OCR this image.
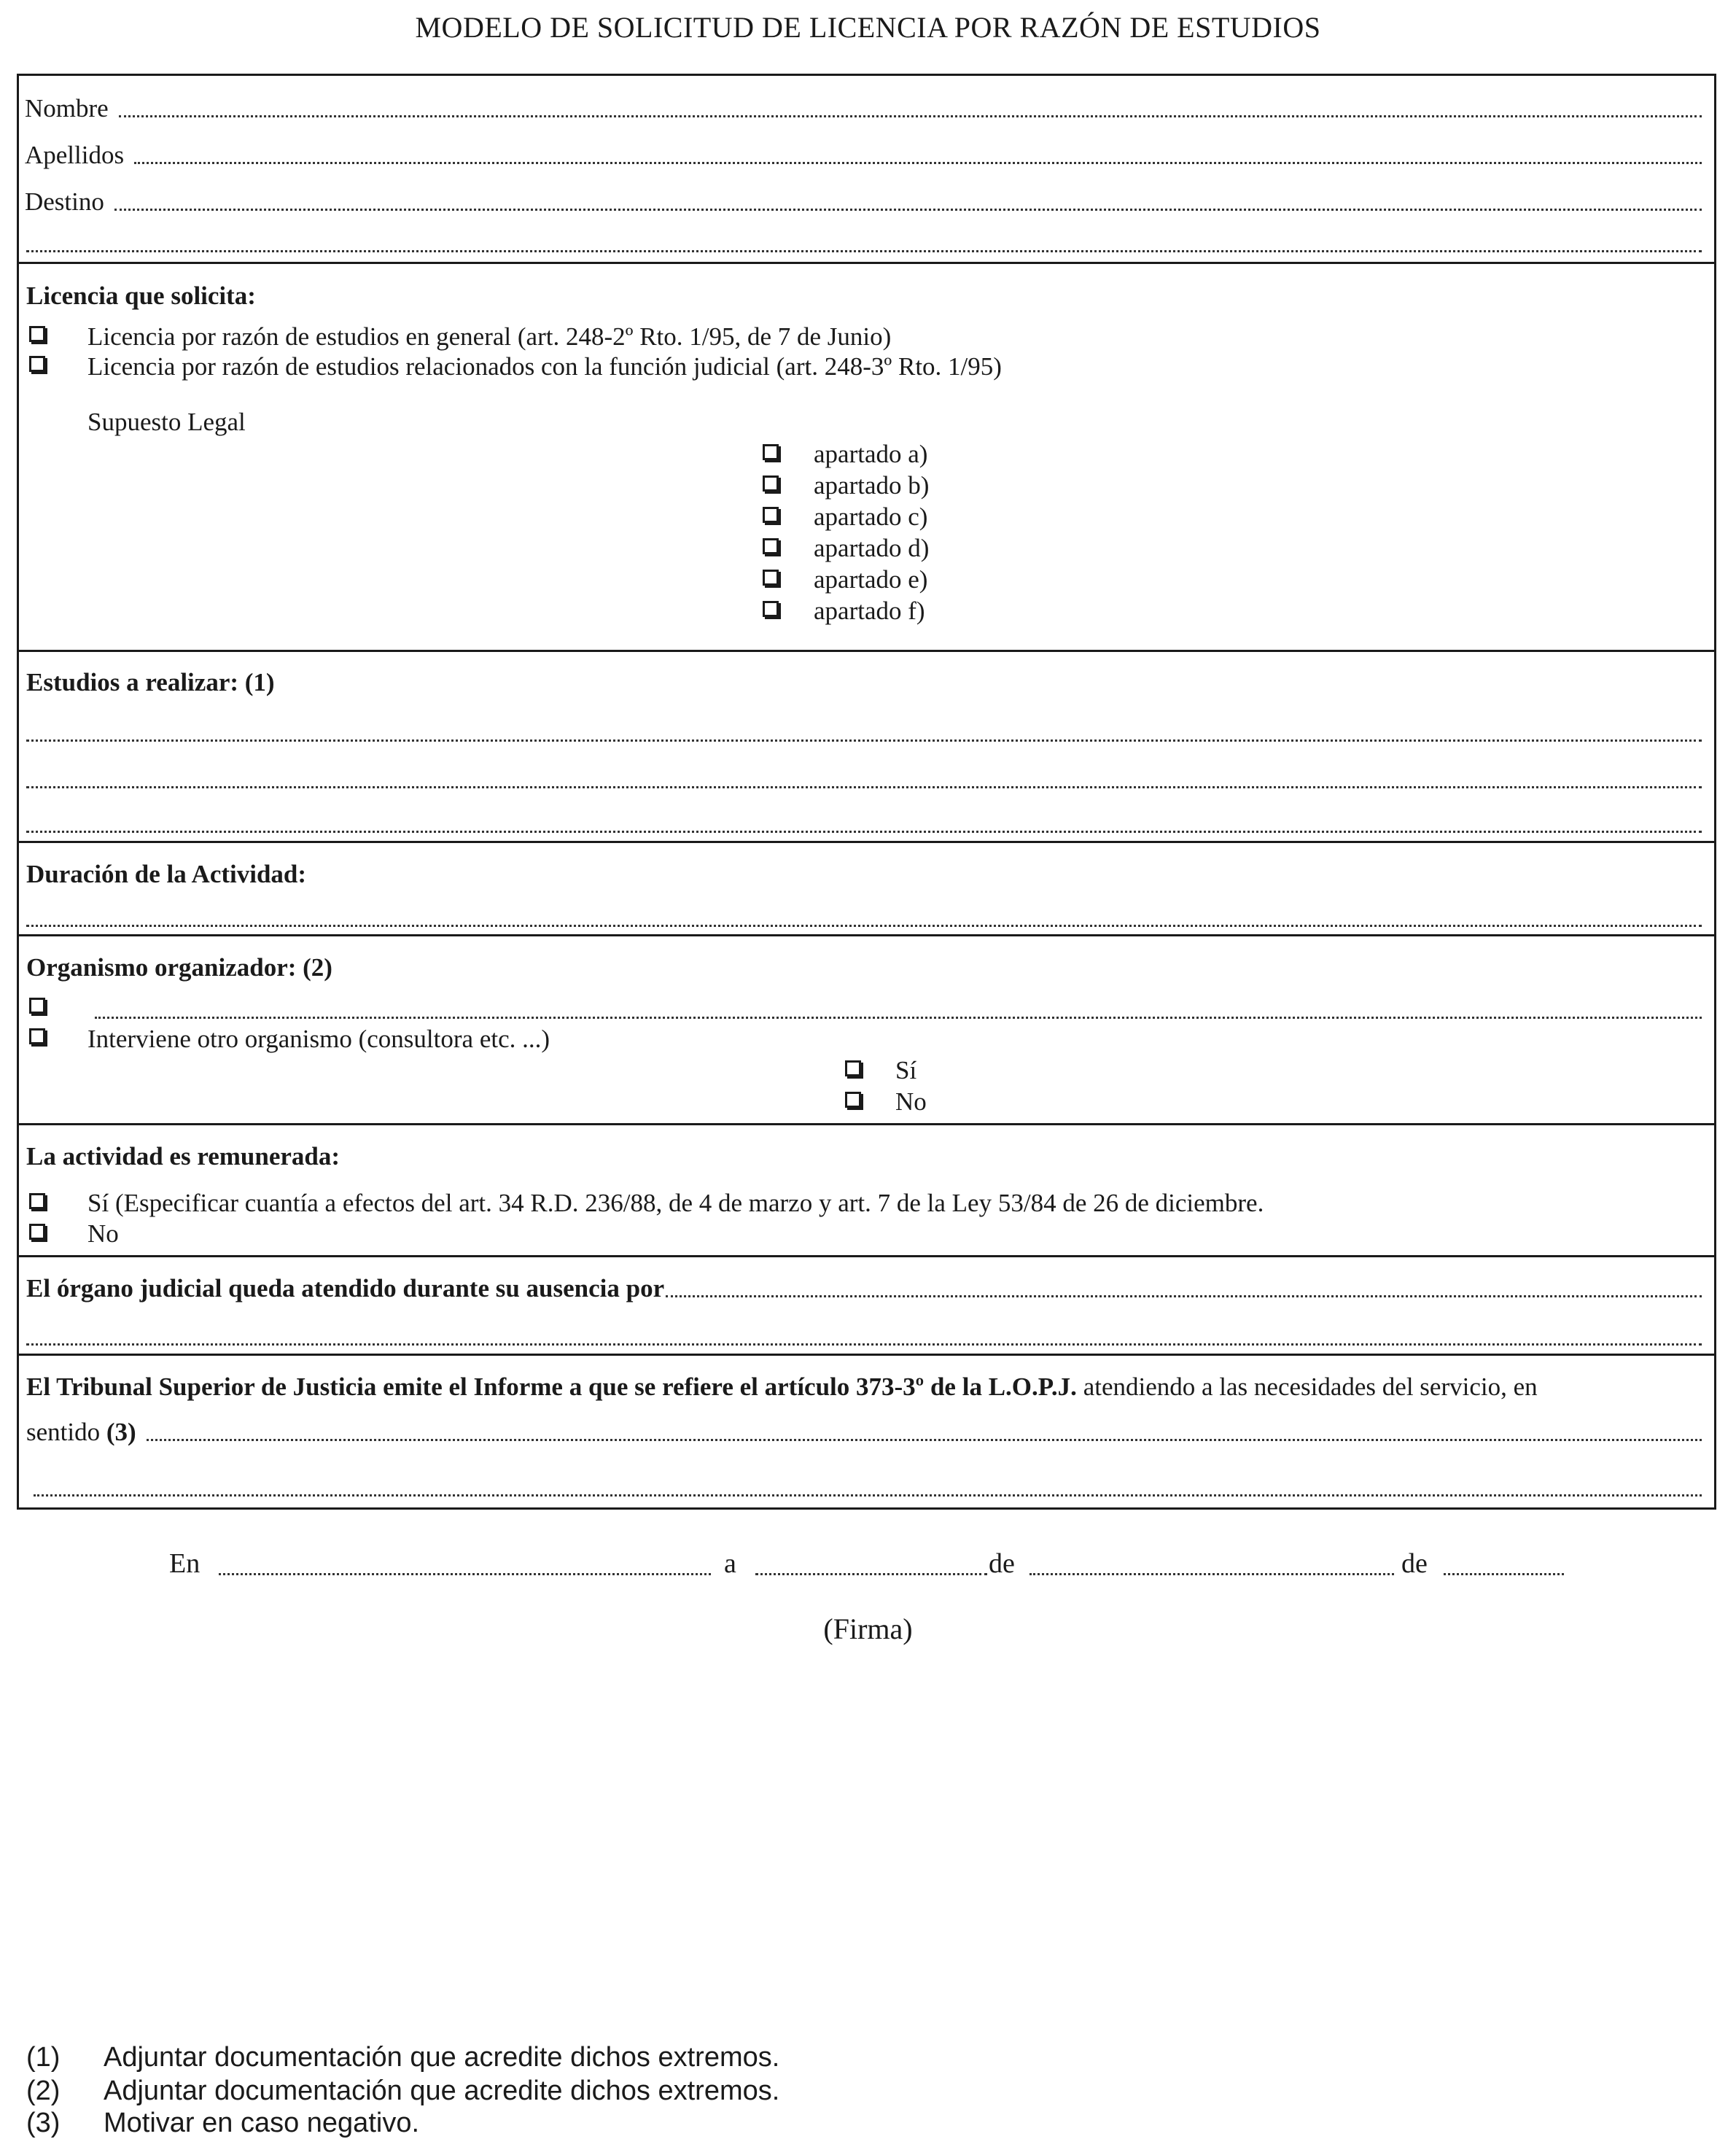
MODELO DE SOLICITUD DE LICENCIA POR RAZÓN DE ESTUDIOS
Nombre
Apellidos
Destino
Licencia que solicita:
Licencia por razón de estudios en general (art. 248-2º Rto. 1/95, de 7 de Junio)
Licencia por razón de estudios relacionados con la función judicial (art. 248-3º Rto. 1/95)
Supuesto Legal
apartado a)
apartado b)
apartado c)
apartado d)
apartado e)
apartado f)
Estudios a realizar: (1)
Duración de la Actividad:
Organismo organizador: (2)
Interviene otro organismo (consultora etc. ...)
Sí
No
La actividad es remunerada:
Sí (Especificar cuantía a efectos del art. 34 R.D. 236/88, de 4 de marzo y art. 7 de la Ley 53/84 de 26 de diciembre.
No
El órgano judicial queda atendido durante su ausencia por
El Tribunal Superior de Justicia emite el Informe a que se refiere el artículo 373-3º de la L.O.P.J. atendiendo a las necesidades del servicio, en
sentido (3)
En	a	de	de
(Firma)
(1) Adjuntar documentación que acredite dichos extremos.
(2) Adjuntar documentación que acredite dichos extremos.
(3) Motivar en caso negativo.
